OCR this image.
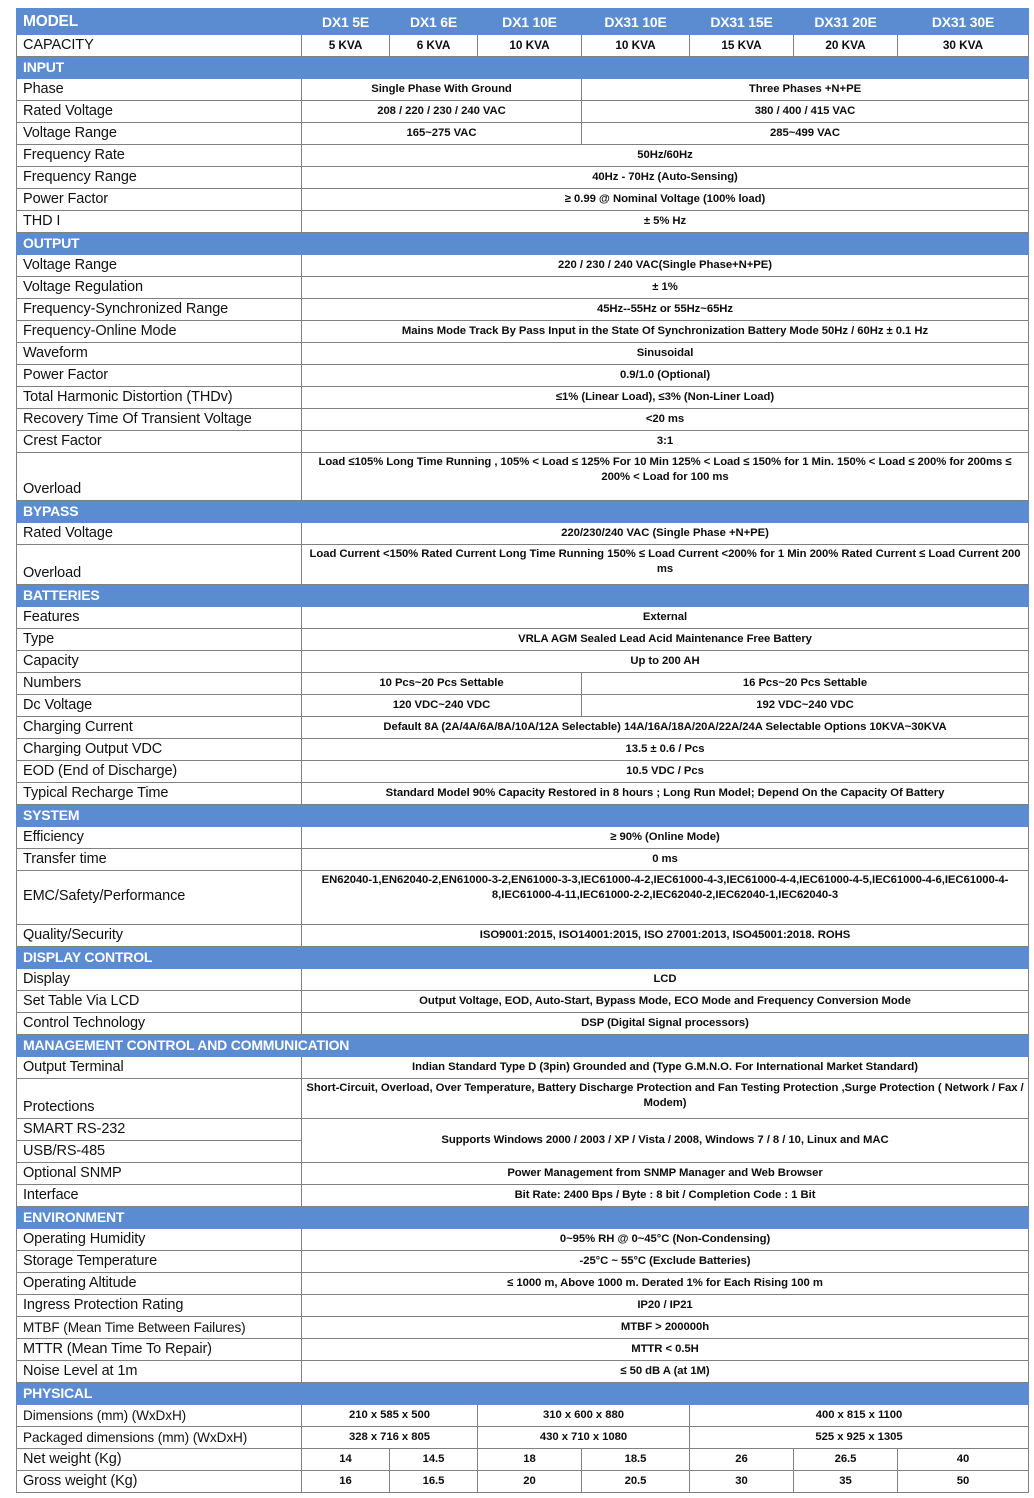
MODEL	DX1 5E	DX1 6E	DX1 10E	DX31 10E	DX31 15E	DX31 20E	DX31 30E
CAPACITY	5 KVA	6 KVA	10 KVA	10 KVA	15 KVA	20 KVA	30 KVA
INPUT							
Phase	Single Phase With Ground			Three Phases +N+PE			
Rated Voltage	208 / 220 / 230 / 240 VAC			380 / 400 / 415 VAC			
Voltage Range	165~275 VAC			285~499 VAC			
Frequency Rate	50Hz/60Hz						
Frequency Range	40Hz - 70Hz (Auto-Sensing)						
Power Factor	≥ 0.99 @ Nominal Voltage (100% load)						
THD I	± 5% Hz						
OUTPUT							
Voltage Range	220 / 230 / 240 VAC(Single Phase+N+PE)						
Voltage Regulation	± 1%						
Frequency-Synchronized Range	45Hz--55Hz or 55Hz~65Hz						
Frequency-Online Mode	Mains Mode Track By Pass Input in the State Of Synchronization Battery Mode 50Hz / 60Hz ± 0.1 Hz						
Waveform	Sinusoidal						
Power Factor	0.9/1.0 (Optional)						
Total Harmonic Distortion (THDv)	≤1% (Linear Load), ≤3% (Non-Liner Load)						
Recovery Time Of Transient Voltage	<20 ms						
Crest Factor	3:1						
Overload	Load ≤105% Long Time Running , 105% < Load ≤ 125% For 10 Min 125% < Load ≤ 150% for 1 Min. 150% < Load ≤ 200% for 200ms ≤ 200% < Load for 100 ms						
BYPASS							
Rated Voltage	220/230/240 VAC (Single Phase +N+PE)						
Overload	Load Current <150% Rated Current Long Time Running 150% ≤ Load Current <200% for 1 Min 200% Rated Current ≤ Load Current 200 ms						
BATTERIES							
Features	External						
Type	VRLA AGM Sealed Lead Acid Maintenance Free Battery						
Capacity	Up to 200 AH						
Numbers	10 Pcs~20 Pcs Settable			16 Pcs~20 Pcs Settable			
Dc Voltage	120 VDC~240 VDC			192 VDC~240 VDC			
Charging Current	Default 8A (2A/4A/6A/8A/10A/12A Selectable) 14A/16A/18A/20A/22A/24A Selectable Options 10KVA~30KVA						
Charging Output VDC	13.5 ± 0.6 / Pcs						
EOD (End of Discharge)	10.5 VDC / Pcs						
Typical Recharge Time	Standard Model 90% Capacity Restored in 8 hours ; Long Run Model; Depend On the Capacity Of Battery						
SYSTEM							
Efficiency	≥ 90% (Online Mode)						
Transfer time	0 ms						
EMC/Safety/Performance	EN62040-1,EN62040-2,EN61000-3-2,EN61000-3-3,IEC61000-4-2,IEC61000-4-3,IEC61000-4-4,IEC61000-4-5,IEC61000-4-6,IEC61000-4-8,IEC61000-4-11,IEC61000-2-2,IEC62040-2,IEC62040-1,IEC62040-3						
Quality/Security	ISO9001:2015, ISO14001:2015, ISO 27001:2013, ISO45001:2018. ROHS						
DISPLAY CONTROL							
Display	LCD						
Set Table Via LCD	Output Voltage, EOD, Auto-Start, Bypass Mode, ECO Mode and Frequency Conversion Mode						
Control Technology	DSP (Digital Signal processors)						
MANAGEMENT CONTROL AND COMMUNICATION							
Output Terminal	Indian Standard Type D (3pin) Grounded and (Type G.M.N.O. For International Market Standard)						
Protections	Short-Circuit, Overload, Over Temperature, Battery Discharge Protection and Fan Testing Protection ,Surge Protection ( Network / Fax / Modem)						
SMART RS-232	Supports Windows 2000 / 2003 / XP / Vista / 2008, Windows 7 / 8 / 10, Linux and MAC						
USB/RS-485							
Optional SNMP	Power Management from SNMP Manager and Web Browser						
Interface	Bit Rate: 2400 Bps / Byte : 8 bit / Completion Code : 1 Bit						
ENVIRONMENT							
Operating Humidity	0~95% RH @ 0~45°C (Non-Condensing)						
Storage Temperature	-25°C ~ 55°C (Exclude Batteries)						
Operating Altitude	≤ 1000 m, Above 1000 m. Derated 1% for Each Rising 100 m						
Ingress Protection Rating	IP20 / IP21						
MTBF (Mean Time Between Failures)	MTBF > 200000h						
MTTR (Mean Time To Repair)	MTTR < 0.5H						
Noise Level at 1m	≤ 50 dB A (at 1M)						
PHYSICAL							
Dimensions (mm) (WxDxH)	210 x 585 x 500		310 x 600 x 880		400 x 815 x 1100		
Packaged dimensions (mm) (WxDxH)	328 x 716 x 805		430 x 710 x 1080		525 x 925 x 1305		
Net weight (Kg)	14	14.5	18	18.5	26	26.5	40
Gross weight (Kg)	16	16.5	20	20.5	30	35	50
